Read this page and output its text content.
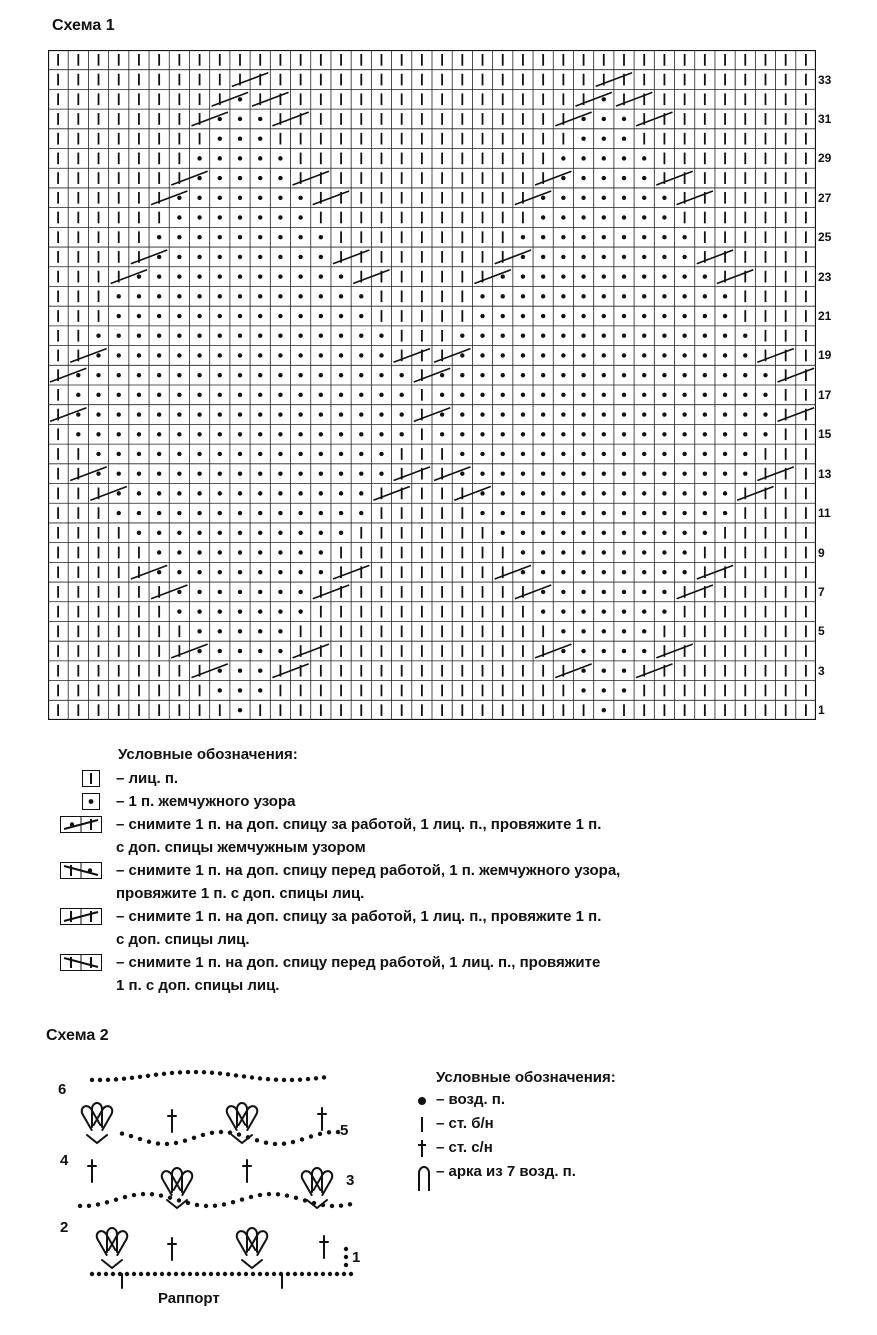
Схема 1
1
3
5
7
9
11
13
15
17
19
21
23
25
27
29
31
33
Условные обозначения:
– лиц. п.
– 1 п. жемчужного узора
– снимите 1 п. на доп. спицу за работой, 1 лиц. п., провяжите 1 п.
с доп. спицы жемчужным узором
– снимите 1 п. на доп. спицу перед работой, 1 п. жемчужного узора,
провяжите 1 п. с доп. спицы лиц.
– снимите 1 п. на доп. спицу за работой, 1 лиц. п., провяжите 1 п.
с доп. спицы лиц.
– снимите 1 п. на доп. спицу перед работой, 1 лиц. п., провяжите
1 п. с доп. спицы лиц.
Схема 2
6
5
4
3
2
1
Раппорт
Условные обозначения:
– возд. п.
– ст. б/н
– ст. с/н
– арка из 7 возд. п.
